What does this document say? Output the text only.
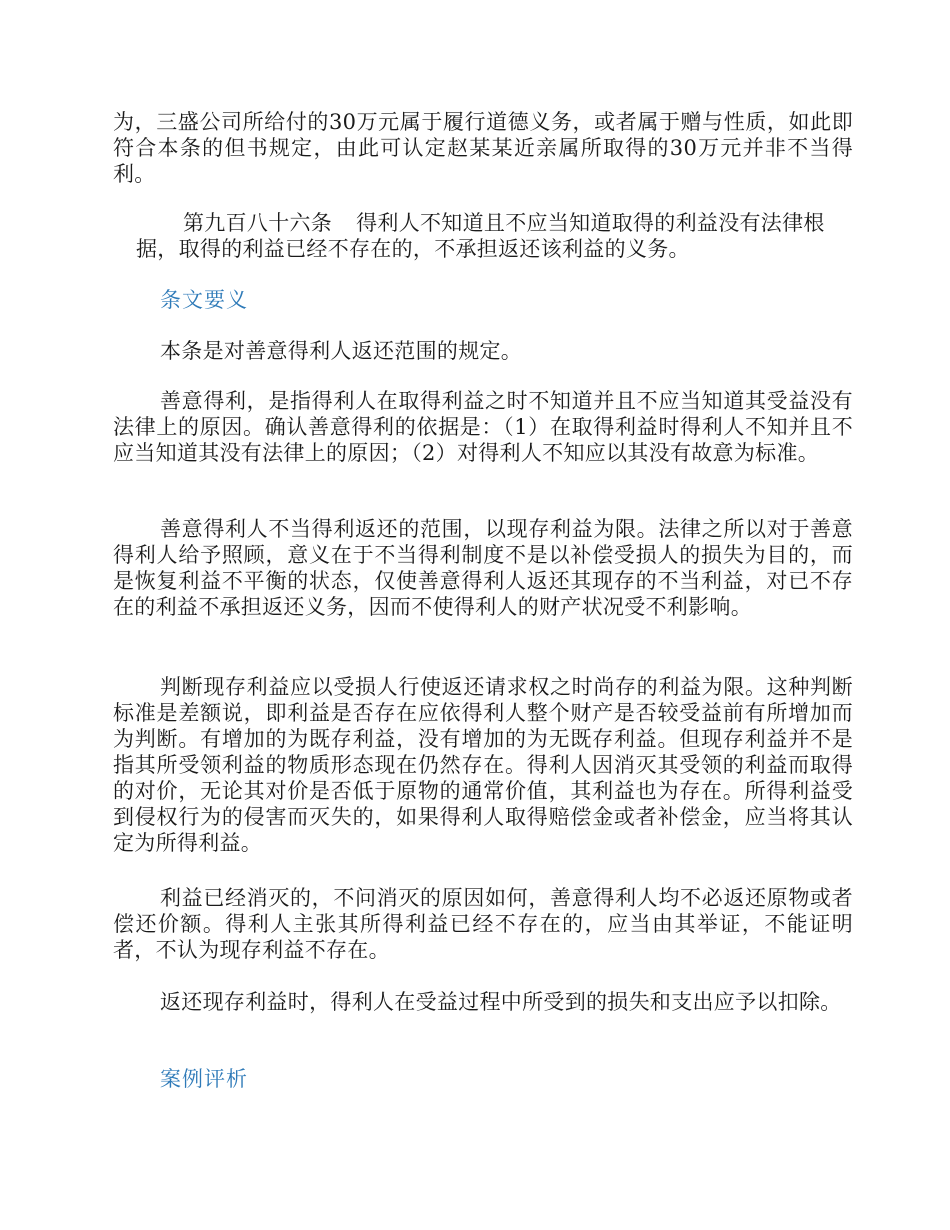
为，三盛公司所给付的30万元属于履行道德义务，或者属于赠与性质，如此即符合本条的但书规定，由此可认定赵某某近亲属所取得的30万元并非不当得利。

第九百八十六条 得利人不知道且不应当知道取得的利益没有法律根据，取得的利益已经不存在的，不承担返还该利益的义务。

条文要义

本条是对善意得利人返还范围的规定。

善意得利，是指得利人在取得利益之时不知道并且不应当知道其受益没有法律上的原因。确认善意得利的依据是：（1）在取得利益时得利人不知并且不应当知道其没有法律上的原因；（2）对得利人不知应以其没有故意为标准。

善意得利人不当得利返还的范围，以现存利益为限。法律之所以对于善意得利人给予照顾，意义在于不当得利制度不是以补偿受损人的损失为目的，而是恢复利益不平衡的状态，仅使善意得利人返还其现存的不当利益，对已不存在的利益不承担返还义务，因而不使得利人的财产状况受不利影响。

判断现存利益应以受损人行使返还请求权之时尚存的利益为限。这种判断标准是差额说，即利益是否存在应依得利人整个财产是否较受益前有所增加而为判断。有增加的为既存利益，没有增加的为无既存利益。但现存利益并不是指其所受领利益的物质形态现在仍然存在。得利人因消灭其受领的利益而取得的对价，无论其对价是否低于原物的通常价值，其利益也为存在。所得利益受到侵权行为的侵害而灭失的，如果得利人取得赔偿金或者补偿金，应当将其认定为所得利益。

利益已经消灭的，不问消灭的原因如何，善意得利人均不必返还原物或者偿还价额。得利人主张其所得利益已经不存在的，应当由其举证，不能证明者，不认为现存利益不存在。

返还现存利益时，得利人在受益过程中所受到的损失和支出应予以扣除。

案例评析
